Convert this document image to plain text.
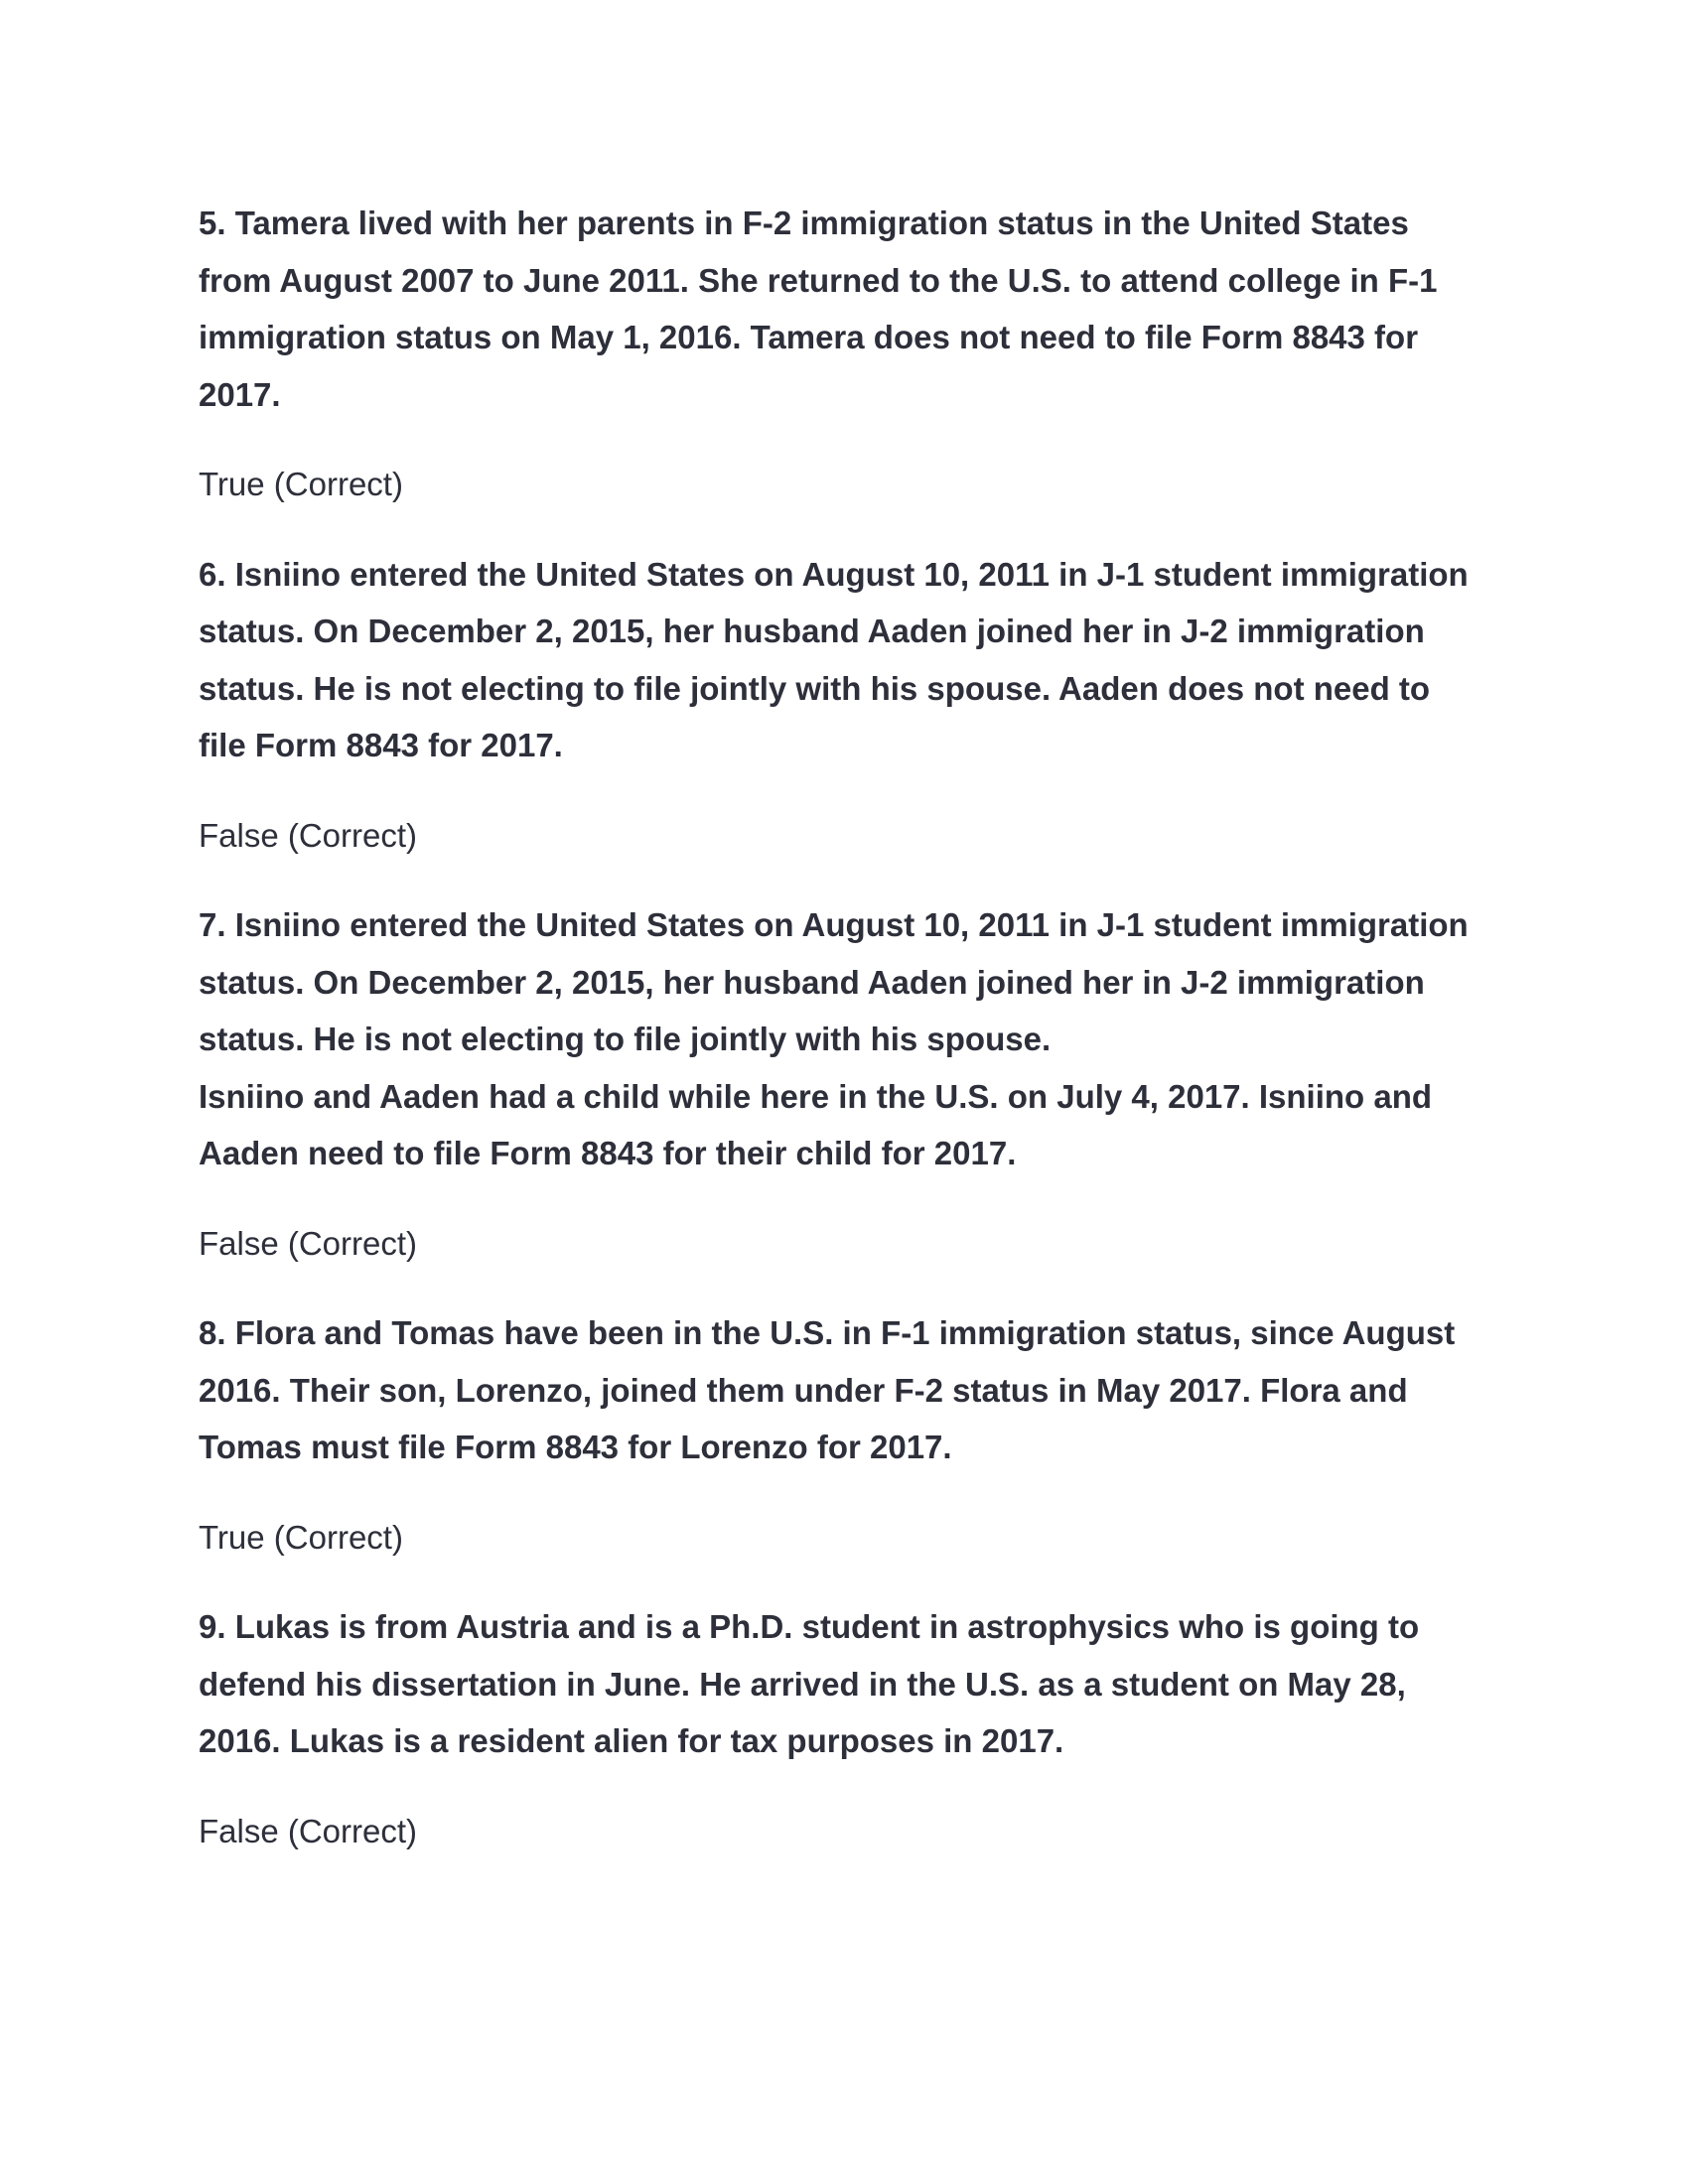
5. Tamera lived with her parents in F-2 immigration status in the United States
from August 2007 to June 2011. She returned to the U.S. to attend college in F-1
immigration status on May 1, 2016. Tamera does not need to file Form 8843 for
2017.

True (Correct)

6. Isniino entered the United States on August 10, 2011 in J-1 student immigration
status. On December 2, 2015, her husband Aaden joined her in J-2 immigration
status. He is not electing to file jointly with his spouse. Aaden does not need to
file Form 8843 for 2017.

False (Correct)

7. Isniino entered the United States on August 10, 2011 in J-1 student immigration
status. On December 2, 2015, her husband Aaden joined her in J-2 immigration
status. He is not electing to file jointly with his spouse.
Isniino and Aaden had a child while here in the U.S. on July 4, 2017. Isniino and
Aaden need to file Form 8843 for their child for 2017.

False (Correct)

8. Flora and Tomas have been in the U.S. in F-1 immigration status, since August
2016. Their son, Lorenzo, joined them under F-2 status in May 2017. Flora and
Tomas must file Form 8843 for Lorenzo for 2017.

True (Correct)

9. Lukas is from Austria and is a Ph.D. student in astrophysics who is going to
defend his dissertation in June. He arrived in the U.S. as a student on May 28,
2016. Lukas is a resident alien for tax purposes in 2017.

False (Correct)
